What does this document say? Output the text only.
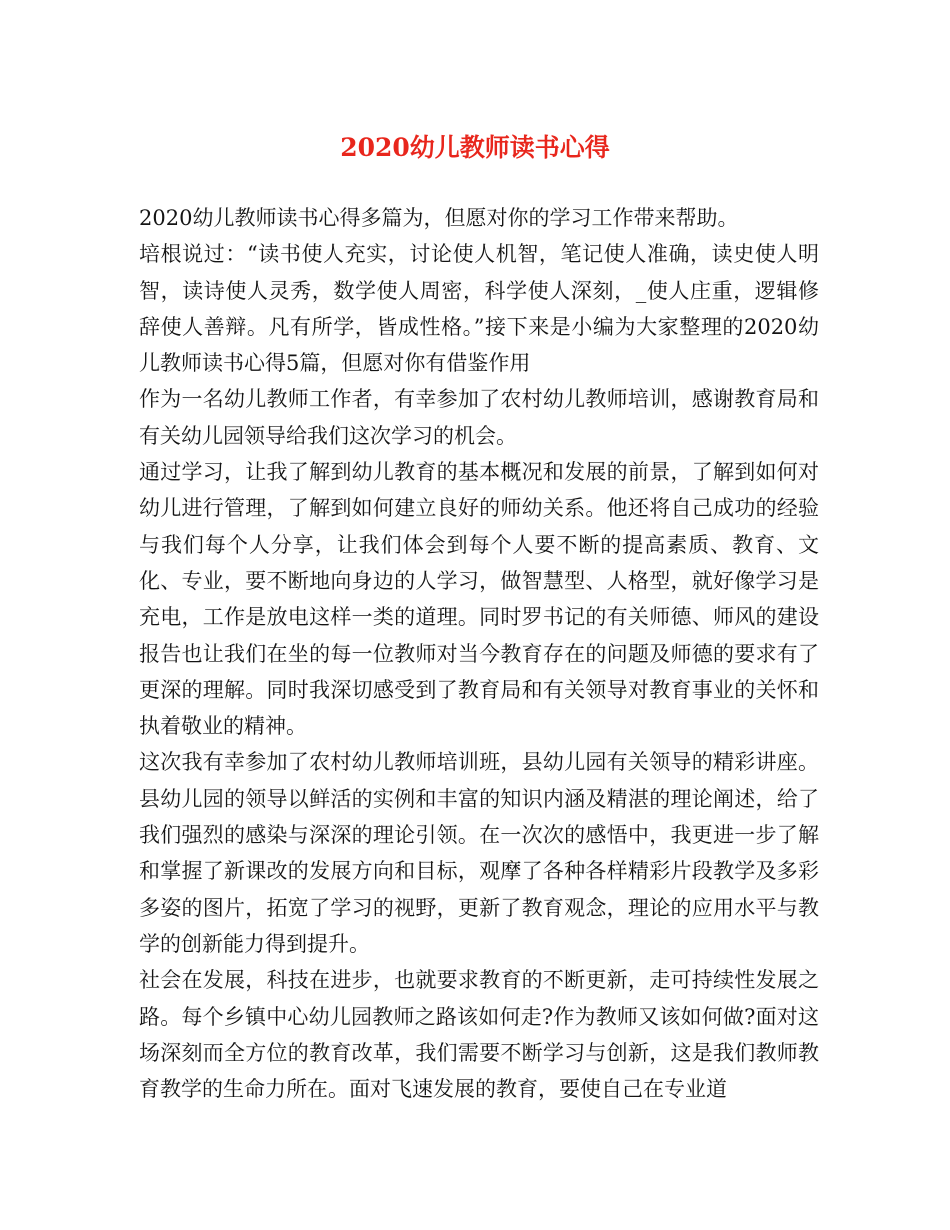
2020幼儿教师读书心得

2020幼儿教师读书心得多篇为，但愿对你的学习工作带来帮助。

培根说过：“读书使人充实，讨论使人机智，笔记使人准确，读史使人明智，读诗使人灵秀，数学使人周密，科学使人深刻，_使人庄重，逻辑修辞使人善辩。凡有所学，皆成性格。”接下来是小编为大家整理的2020幼儿教师读书心得5篇，但愿对你有借鉴作用

作为一名幼儿教师工作者，有幸参加了农村幼儿教师培训，感谢教育局和有关幼儿园领导给我们这次学习的机会。

通过学习，让我了解到幼儿教育的基本概况和发展的前景，了解到如何对幼儿进行管理，了解到如何建立良好的师幼关系。他还将自己成功的经验与我们每个人分享，让我们体会到每个人要不断的提高素质、教育、文化、专业，要不断地向身边的人学习，做智慧型、人格型，就好像学习是充电，工作是放电这样一类的道理。同时罗书记的有关师德、师风的建设报告也让我们在坐的每一位教师对当今教育存在的问题及师德的要求有了更深的理解。同时我深切感受到了教育局和有关领导对教育事业的关怀和执着敬业的精神。

这次我有幸参加了农村幼儿教师培训班，县幼儿园有关领导的精彩讲座。县幼儿园的领导以鲜活的实例和丰富的知识内涵及精湛的理论阐述，给了我们强烈的感染与深深的理论引领。在一次次的感悟中，我更进一步了解和掌握了新课改的发展方向和目标，观摩了各种各样精彩片段教学及多彩多姿的图片，拓宽了学习的视野，更新了教育观念，理论的应用水平与教学的创新能力得到提升。

社会在发展，科技在进步，也就要求教育的不断更新，走可持续性发展之路。每个乡镇中心幼儿园教师之路该如何走?作为教师又该如何做?面对这场深刻而全方位的教育改革，我们需要不断学习与创新，这是我们教师教育教学的生命力所在。面对飞速发展的教育，要使自己在专业道
